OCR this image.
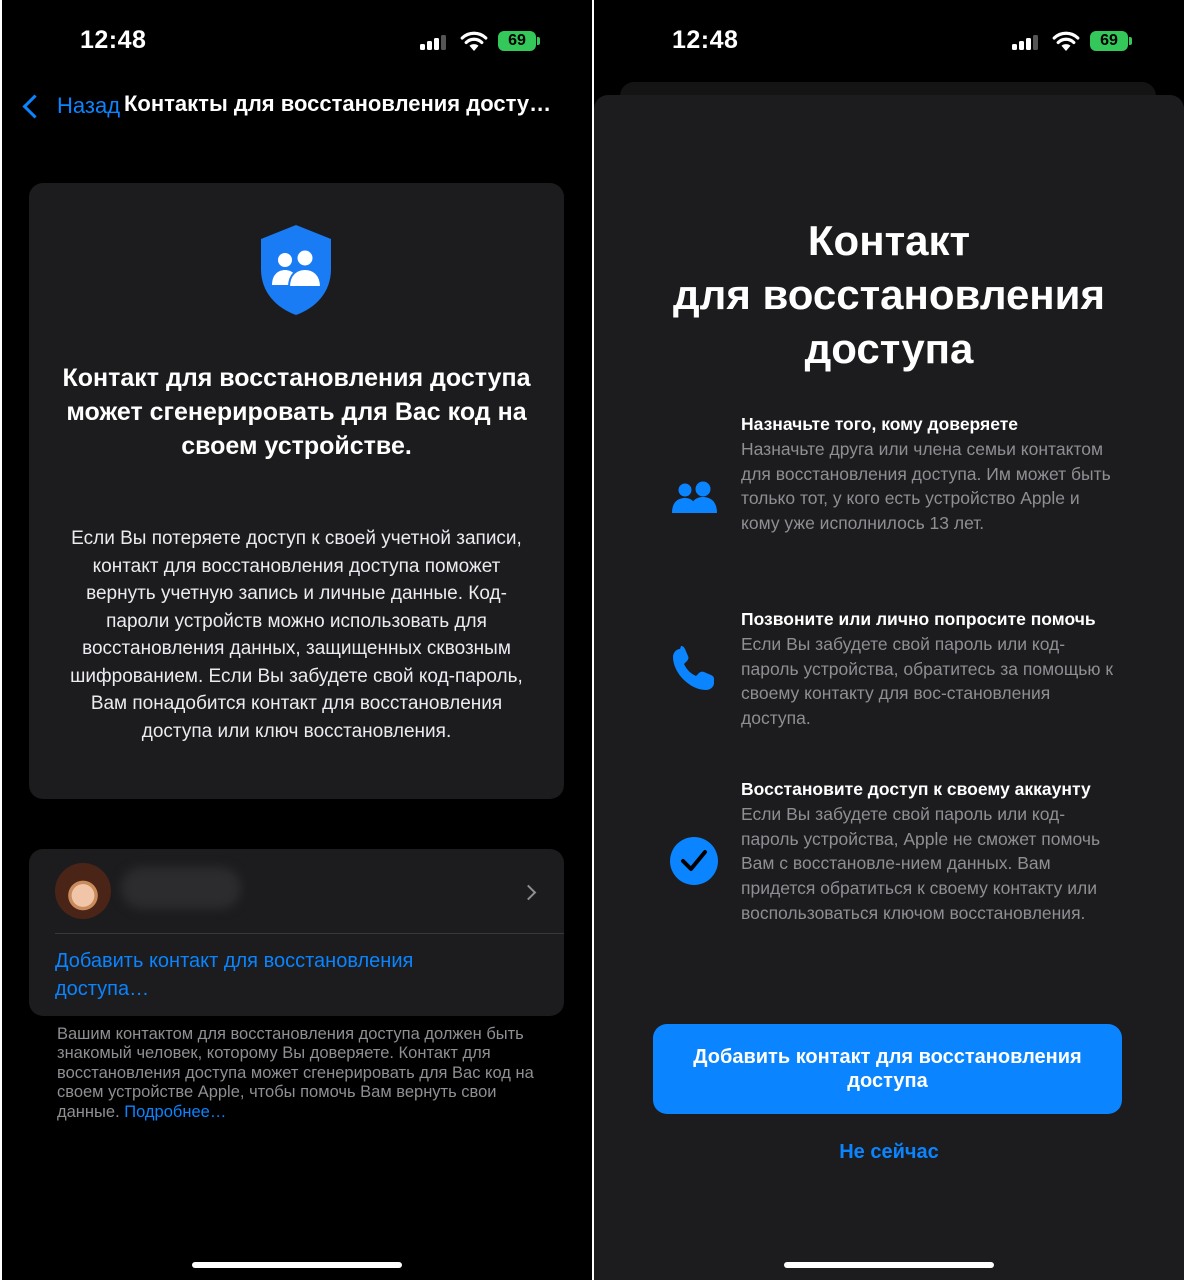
12:48	69
Назад Контакты для восстановления досту…
Контакт для восстановления доступа может сгенерировать для Вас код на своем устройстве.
Если Вы потеряете доступ к своей учетной записи, контакт для восстановления доступа поможет вернуть учетную запись и личные данные. Код-пароли устройств можно использовать для восстановления данных, защищенных сквозным шифрованием. Если Вы забудете свой код-пароль, Вам понадобится контакт для восстановления доступа или ключ восстановления.
Добавить контакт для восстановления доступа…
Вашим контактом для восстановления доступа должен быть знакомый человек, которому Вы доверяете. Контакт для восстановления доступа может сгенерировать для Вас код на своем устройстве Apple, чтобы помочь Вам вернуть свои данные. Подробнее…
12:48	69
Контакт
для восстановления
доступа
Назначьте того, кому доверяете
Назначьте друга или члена семьи контактом для восстановления доступа. Им может быть только тот, у кого есть устройство Apple и кому уже исполнилось 13 лет.
Позвоните или лично попросите помочь
Если Вы забудете свой пароль или код-пароль устройства, обратитесь за помощью к своему контакту для вос-становления доступа.
Восстановите доступ к своему аккаунту
Если Вы забудете свой пароль или код-пароль устройства, Apple не сможет помочь Вам с восстановле-нием данных. Вам придется обратиться к своему контакту или воспользоваться ключом восстановления.
Добавить контакт для восстановления доступа
Не сейчас
